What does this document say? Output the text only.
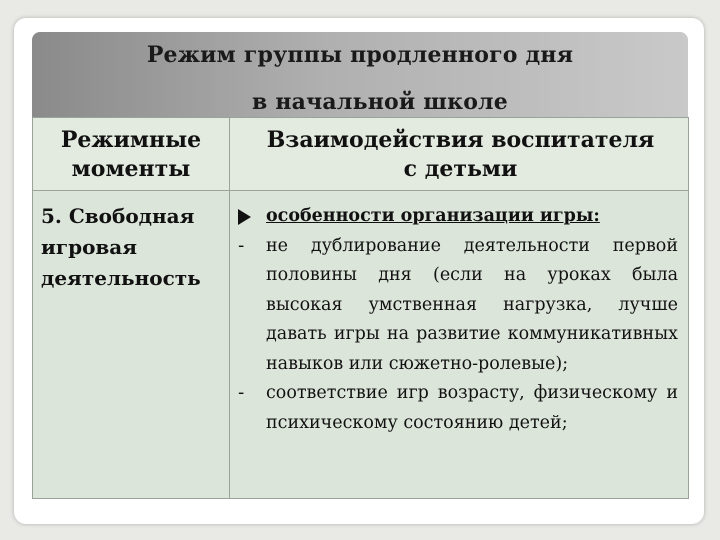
Режим группы продленного дня
в начальной школе
Режимные
моменты
Взаимодействия воспитателя
с детьми
5. Свободная игровая деятельность
особенности организации игры:
-	не дублирование деятельности первой половины дня (если на уроках была высокая умственная нагрузка, лучше давать игры на развитие коммуникативных навыков или сюжетно-ролевые);
-	соответствие игр возрасту, физическому и психическому состоянию детей;
